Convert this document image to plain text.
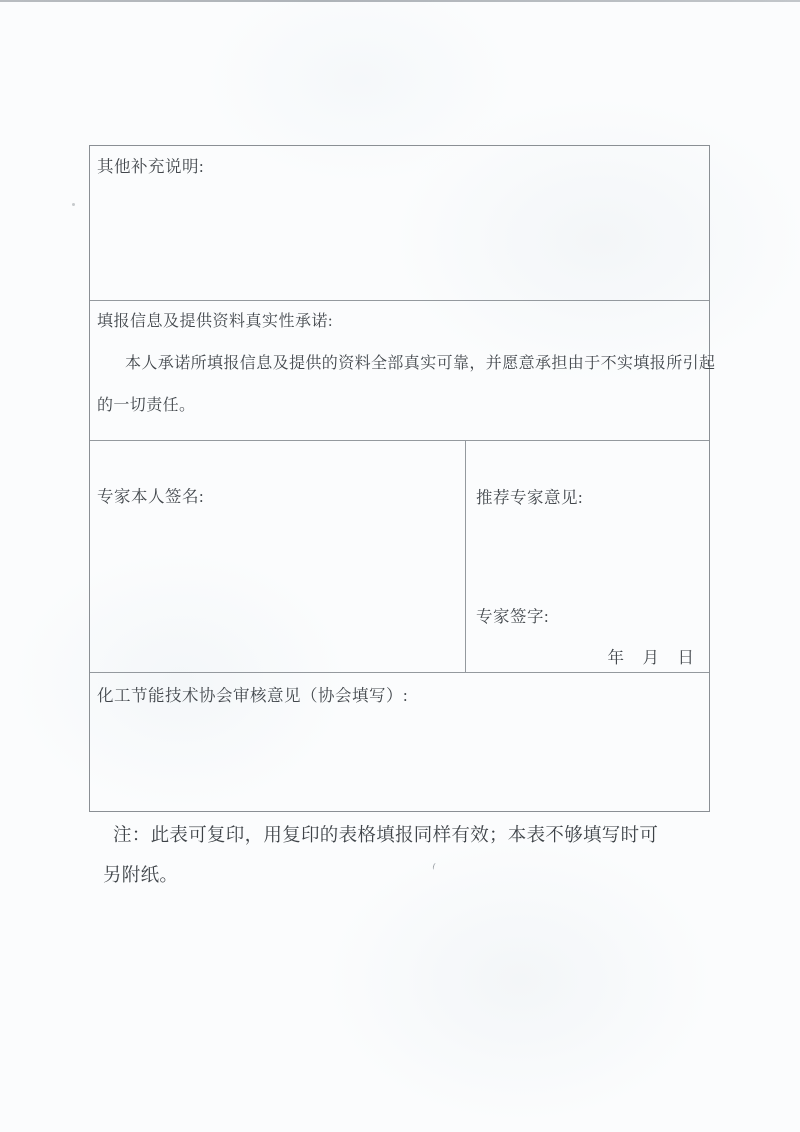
其他补充说明:
填报信息及提供资料真实性承诺:
本人承诺所填报信息及提供的资料全部真实可靠，并愿意承担由于不实填报所引起
的一切责任。
专家本人签名:	推荐专家意见:
专家签字:
年　月　日
化工节能技术协会审核意见（协会填写）:
注：此表可复印，用复印的表格填报同样有效；本表不够填写时可
另附纸。
